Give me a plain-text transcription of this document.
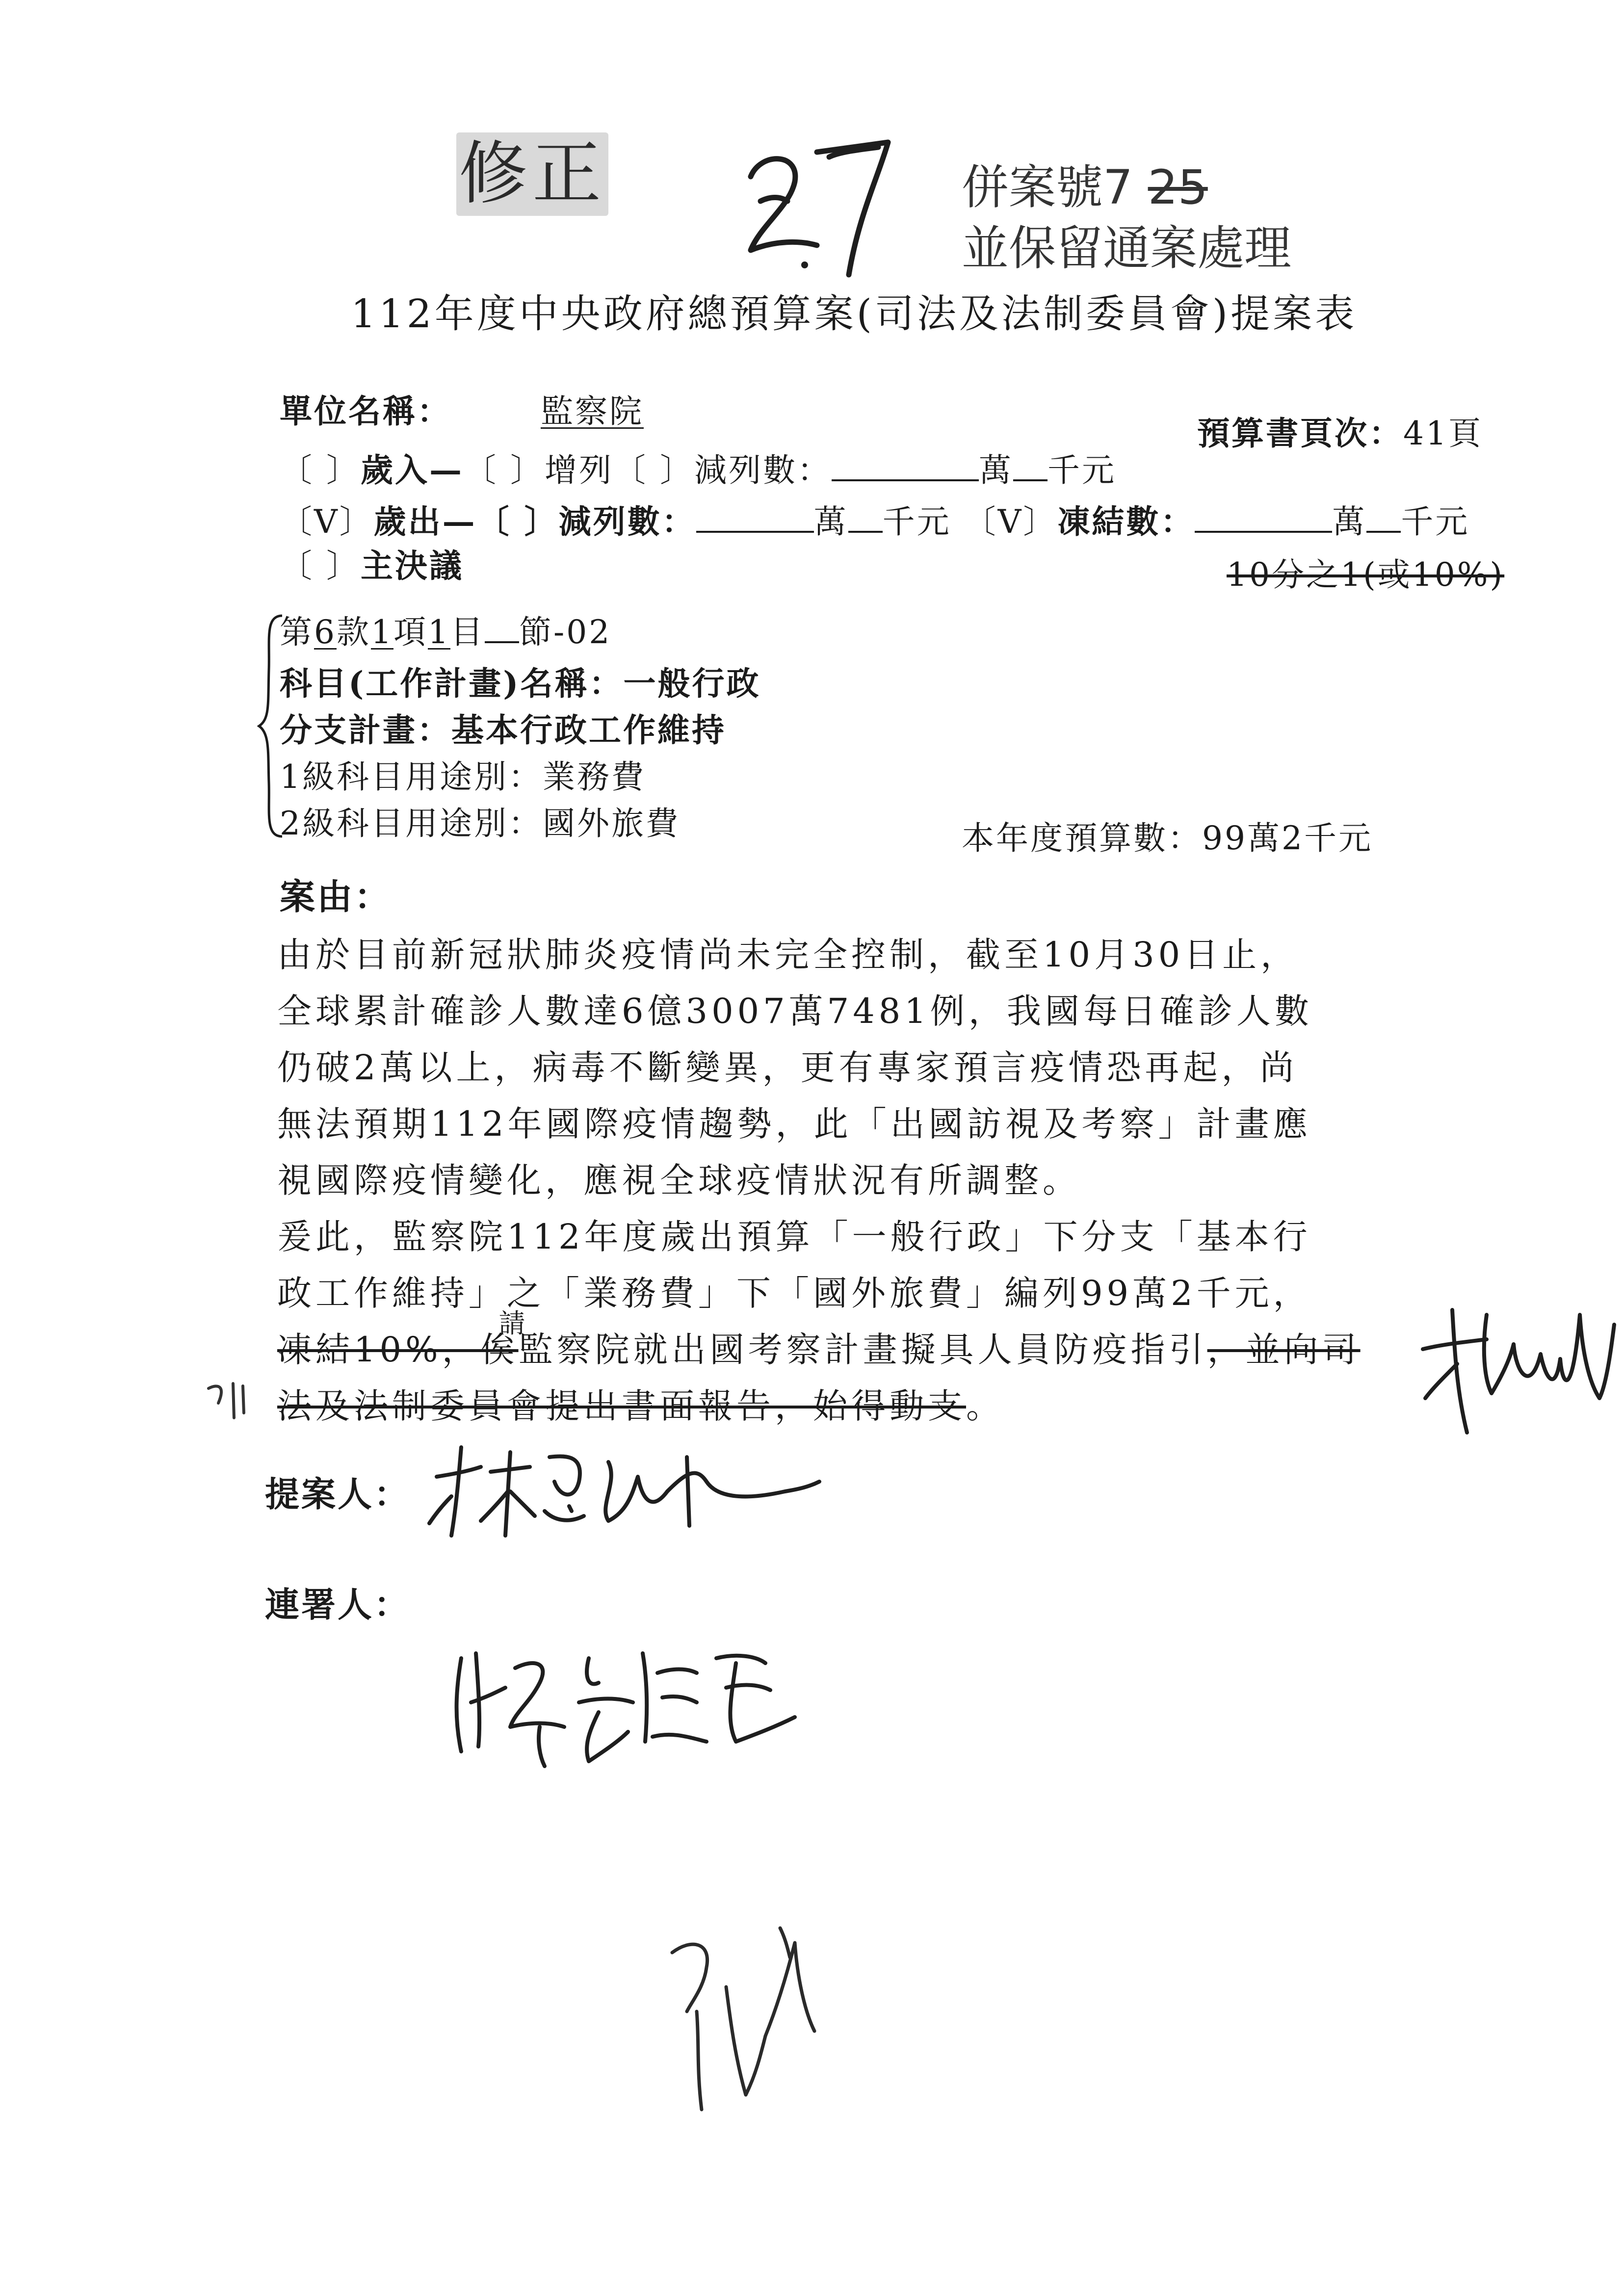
修正	併案號7 25
並保留通案處理
112年度中央政府總預算案(司法及法制委員會)提案表
單位名稱：	監察院
預算書頁次：41頁
〔 〕歲入—〔 〕增列〔 〕減列數：	萬 千元
〔V〕歲出—〔 〕減列數：	萬 千元 〔V〕凍結數：	萬 千元
10分之1(或10%)
〔 〕主決議
第6款1項1目 節-02
科目(工作計畫)名稱：一般行政
分支計畫：基本行政工作維持
1級科目用途別：業務費
2級科目用途別：國外旅費	本年度預算數：99萬2千元
案由：
由於目前新冠狀肺炎疫情尚未完全控制，截至10月30日止，
全球累計確診人數達6億3007萬7481例，我國每日確診人數
仍破2萬以上，病毒不斷變異，更有專家預言疫情恐再起，尚
無法預期112年國際疫情趨勢，此「出國訪視及考察」計畫應
視國際疫情變化，應視全球疫情狀況有所調整。
爰此，監察院112年度歲出預算「一般行政」下分支「基本行
政工作維持」之「業務費」下「國外旅費」編列99萬2千元，
凍結10%，俟
請
監察院就出國考察計畫擬具人員防疫指引，並向司
法及法制委員會提出書面報告，始得動支。
提案人：
連署人：
